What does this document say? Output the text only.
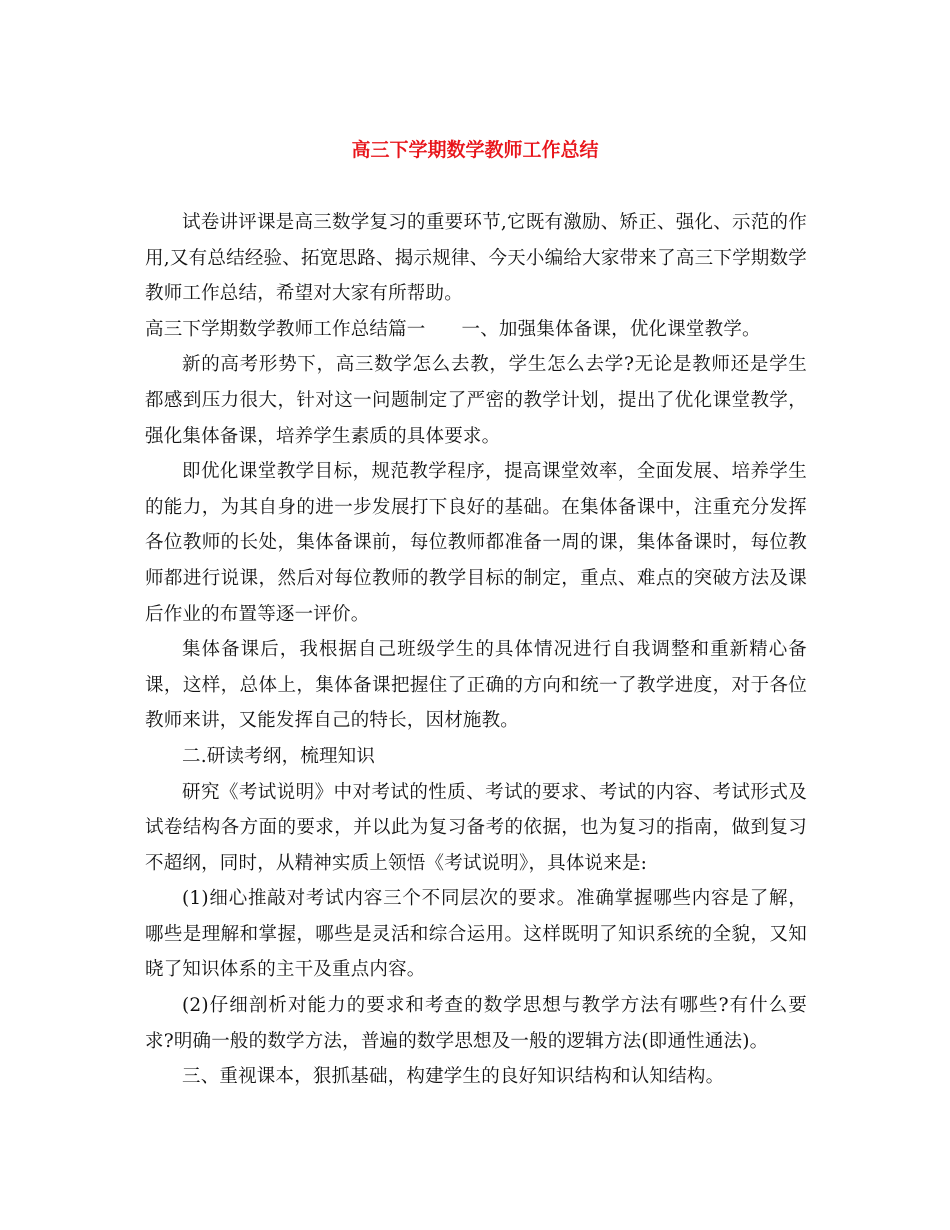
高三下学期数学教师工作总结

试卷讲评课是高三数学复习的重要环节,它既有激励、矫正、强化、示范的作用,又有总结经验、拓宽思路、揭示规律、今天小编给大家带来了高三下学期数学教师工作总结，希望对大家有所帮助。

高三下学期数学教师工作总结篇一 一、加强集体备课，优化课堂教学。

新的高考形势下，高三数学怎么去教，学生怎么去学?无论是教师还是学生都感到压力很大，针对这一问题制定了严密的教学计划，提出了优化课堂教学，强化集体备课，培养学生素质的具体要求。

即优化课堂教学目标，规范教学程序，提高课堂效率，全面发展、培养学生的能力，为其自身的进一步发展打下良好的基础。在集体备课中，注重充分发挥各位教师的长处，集体备课前，每位教师都准备一周的课，集体备课时，每位教师都进行说课，然后对每位教师的教学目标的制定，重点、难点的突破方法及课后作业的布置等逐一评价。

集体备课后，我根据自己班级学生的具体情况进行自我调整和重新精心备课，这样，总体上，集体备课把握住了正确的方向和统一了教学进度，对于各位教师来讲，又能发挥自己的特长，因材施教。

二.研读考纲，梳理知识

研究《考试说明》中对考试的性质、考试的要求、考试的内容、考试形式及试卷结构各方面的要求，并以此为复习备考的依据，也为复习的指南，做到复习不超纲，同时，从精神实质上领悟《考试说明》，具体说来是:

(1)细心推敲对考试内容三个不同层次的要求。准确掌握哪些内容是了解，哪些是理解和掌握，哪些是灵活和综合运用。这样既明了知识系统的全貌，又知晓了知识体系的主干及重点内容。

(2)仔细剖析对能力的要求和考查的数学思想与教学方法有哪些?有什么要求?明确一般的数学方法，普遍的数学思想及一般的逻辑方法(即通性通法)。

三、重视课本，狠抓基础，构建学生的良好知识结构和认知结构。
